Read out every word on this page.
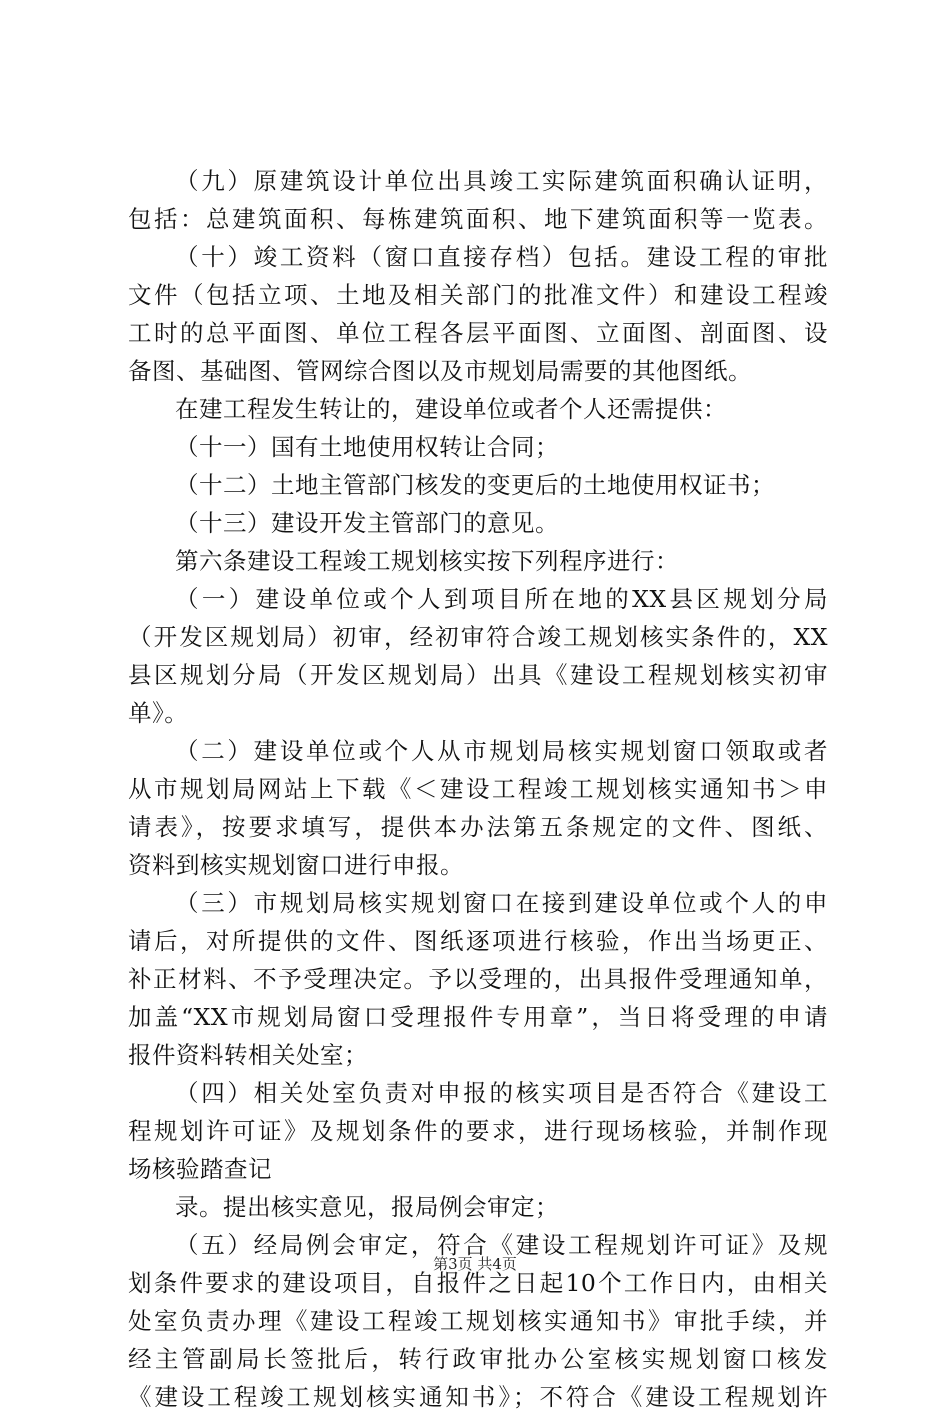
（九）原建筑设计单位出具竣工实际建筑面积确认证明，
包括：总建筑面积、每栋建筑面积、地下建筑面积等一览表。
（十）竣工资料（窗口直接存档）包括。建设工程的审批
文件（包括立项、土地及相关部门的批准文件）和建设工程竣
工时的总平面图、单位工程各层平面图、立面图、剖面图、设
备图、基础图、管网综合图以及市规划局需要的其他图纸。
在建工程发生转让的，建设单位或者个人还需提供：
（十一）国有土地使用权转让合同；
（十二）土地主管部门核发的变更后的土地使用权证书；
（十三）建设开发主管部门的意见。
第六条建设工程竣工规划核实按下列程序进行：
（一）建设单位或个人到项目所在地的XX县区规划分局
（开发区规划局）初审，经初审符合竣工规划核实条件的，XX
县区规划分局（开发区规划局）出具《建设工程规划核实初审
单》。
（二）建设单位或个人从市规划局核实规划窗口领取或者
从市规划局网站上下载《＜建设工程竣工规划核实通知书＞申
请表》，按要求填写，提供本办法第五条规定的文件、图纸、
资料到核实规划窗口进行申报。
（三）市规划局核实规划窗口在接到建设单位或个人的申
请后，对所提供的文件、图纸逐项进行核验，作出当场更正、
补正材料、不予受理决定。予以受理的，出具报件受理通知单，
加盖“XX市规划局窗口受理报件专用章”，当日将受理的申请
报件资料转相关处室；
（四）相关处室负责对申报的核实项目是否符合《建设工
程规划许可证》及规划条件的要求，进行现场核验，并制作现
场核验踏查记
录。提出核实意见，报局例会审定；
（五）经局例会审定，符合《建设工程规划许可证》及规
划条件要求的建设项目，自报件之日起10个工作日内，由相关
处室负责办理《建设工程竣工规划核实通知书》审批手续，并
经主管副局长签批后，转行政审批办公室核实规划窗口核发
《建设工程竣工规划核实通知书》；不符合《建设工程规划许
第3页 共4页
